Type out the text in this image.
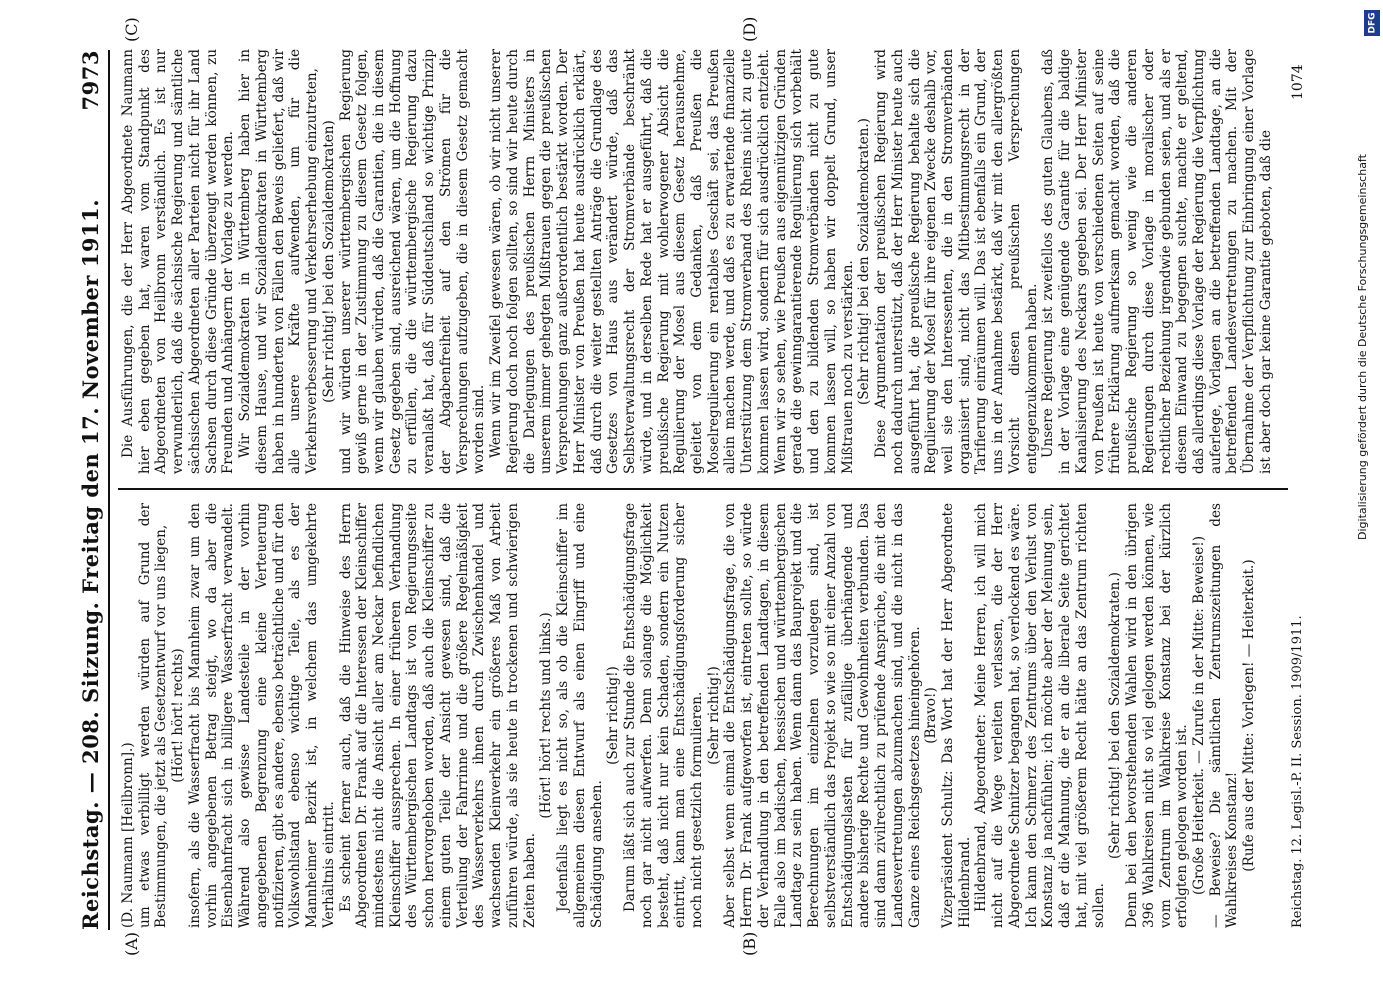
Reichstag. — 208. Sitzung. Freitag den 17. November 1911.
7973
(A)	(B)
(C)	(D)

(D. Naumann [Heilbronn].) um etwas verbilligt werden würden auf Grund der Bestimmungen, die jetzt als Gesetzentwurf vor uns liegen, (Hört! hört! rechts) insofern, als die Wasserfracht bis Mannheim zwar um den vorhin angegebenen Betrag steigt, wo da aber die Eisenbahnfracht sich in billigere Wasserfracht verwandelt. Während also gewisse Landesteile in der vorhin angegebenen Begrenzung eine kleine Verteuerung notifizieren, gibt es andere, ebenso beträchtliche und für den Volkswohlstand ebenso wichtige Teile, als es der Mannheimer Bezirk ist, in welchem das umgekehrte Verhältnis eintritt. Es scheint ferner auch, daß die Hinweise des Herrn Abgeordneten Dr. Frank auf die Interessen der Kleinschiffer mindestens nicht die Ansicht aller am Neckar befindlichen Kleinschiffer aussprechen. In einer früheren Verhandlung des Württembergischen Landtags ist von Regierungsseite schon hervorgehoben worden, daß auch die Kleinschiffer zu einem guten Teile der Ansicht gewesen sind, daß die Verteilung der Fahrrinne und die größere Regelmäßigkeit des Wasserverkehrs ihnen durch Zwischenhandel und wachsenden Kleinverkehr ein größeres Maß von Arbeit zuführen würde, als sie heute in trockenen und schwierigen Zeiten haben.

(Hört! hört! rechts und links.) Jedenfalls liegt es nicht so, als ob die Kleinschiffer im allgemeinen diesen Entwurf als einen Eingriff und eine Schädigung ansehen.

(Sehr richtig!) Darum läßt sich auch zur Stunde die Entschädigungsfrage noch gar nicht aufwerfen. Denn solange die Möglichkeit besteht, daß nicht nur kein Schaden, sondern ein Nutzen eintritt, kann man eine Entschädigungsforderung sicher noch nicht gesetzlich formulieren. (Sehr richtig!) Aber selbst wenn einmal die Entschädigungsfrage, die von Herrn Dr. Frank aufgeworfen ist, eintreten sollte, so würde der Verhandlung in den betreffenden Landtagen, in diesem Falle also im badischen, hessischen und württembergischen Landtage zu sein haben. Wenn dann das Bauprojekt und die Berechnungen im einzelnen vorzulegen sind, ist selbstverständlich das Projekt so wie so mit einer Anzahl von Entschädigungslasten für zufällige überhängende und andere bisherige Rechte und Gewohnheiten verbunden. Das sind dann zivilrechtlich zu prüfende Ansprüche, die mit den Landesvertretungen abzumachen sind, und die nicht in das Ganze eines Reichsgesetzes hineingehören. (Bravo!) Vizepräsident Schultz: Das Wort hat der Herr Abgeordnete Hildenbrand. Hildenbrand, Abgeordneter: Meine Herren, ich will mich nicht auf die Wege verleiten verlassen, die der Herr Abgeordnete Schnitzer begangen hat, so verlockend es wäre. Ich kann den Schmerz des Zentrums über den Verlust von Konstanz ja nachfühlen; ich möchte aber der Meinung sein, daß er die Mahnung, die er an die liberale Seite gerichtet hat, mit viel größerem Recht hätte an das Zentrum richten sollen.

(Sehr richtig! bei den Sozialdemokraten.) Denn bei den bevorstehenden Wahlen wird in den übrigen 396 Wahlkreisen nicht so viel gelogen werden können, wie vom Zentrum im Wahlkreise Konstanz bei der kürzlich erfolgten gelogen worden ist. (Große Heiterkeit. — Zurufe in der Mitte: Beweise!) — Beweise? Die sämtlichen Zentrumszeitungen des Wahlkreises Konstanz! (Rufe aus der Mitte: Vorlegen! — Heiterkeit.)

Die Ausführungen, die der Herr Abgeordnete Naumann hier eben gegeben hat, waren vom Standpunkt des Abgeordneten von Heilbronn verständlich. Es ist nur verwunderlich, daß die sächsische Regierung und sämtliche sächsischen Abgeordneten aller Parteien nicht für ihr Land Sachsen durch diese Gründe überzeugt werden können, zu Freunden und Anhängern der Vorlage zu werden. Wir Sozialdemokraten in Württemberg haben hier in diesem Hause, und wir Sozialdemokraten in Württemberg haben in hunderten von Fällen den Beweis geliefert, daß wir alle unsere Kräfte aufwenden, um für die Verkehrsverbesserung und Verkehrserhebung einzutreten, (Sehr richtig! bei den Sozialdemokraten) und wir würden unserer württembergischen Regierung gewiß gerne in der Zustimmung zu diesem Gesetz folgen, wenn wir glauben würden, daß die Garantien, die in diesem Gesetz gegeben sind, ausreichend wären, um die Hoffnung zu erfüllen, die die württembergische Regierung dazu veranlaßt hat, daß für Süddeutschland so wichtige Prinzip der Abgabenfreiheit auf den Strömen für die Versprechungen aufzugeben, die in diesem Gesetz gemacht worden sind. Wenn wir im Zweifel gewesen wären, ob wir nicht unserer Regierung doch noch folgen sollten, so sind wir heute durch die Darlegungen des preußischen Herrn Ministers in unserem immer gehegten Mißtrauen gegen die preußischen Versprechungen ganz außerordentlich bestärkt worden. Der Herr Minister von Preußen hat heute ausdrücklich erklärt, daß durch die weiter gestellten Anträge die Grundlage des Gesetzes von Haus aus verändert würde, daß das Selbstverwaltungsrecht der Stromverbände beschränkt würde, und in derselben Rede hat er ausgeführt, daß die preußische Regierung mit wohlerwogener Absicht die Regulierung der Mosel aus diesem Gesetz herausnehme, geleitet von dem Gedanken, daß Preußen die Moselregulierung ein rentables Geschäft sei, das Preußen allein machen werde, und daß es zu erwartende finanzielle Unterstützung dem Stromverband des Rheins nicht zu gute kommen lassen wird, sondern für sich ausdrücklich entzieht. Wenn wir so sehen, wie Preußen aus eigennützigen Gründen gerade die gewinngarantierende Regulierung sich vorbehält und den zu bildenden Stromverbänden nicht zu gute kommen lassen will, so haben wir doppelt Grund, unser Mißtrauen noch zu verstärken. (Sehr richtig! bei den Sozialdemokraten.) Diese Argumentation der preußischen Regierung wird noch dadurch unterstützt, daß der Herr Minister heute auch ausgeführt hat, die preußische Regierung behalte sich die Regulierung der Mosel für ihre eigenen Zwecke deshalb vor, weil sie den Interessenten, die in den Stromverbänden organisiert sind, nicht das Mitbestimmungsrecht in der Tarifierung einräumen will. Das ist ebenfalls ein Grund, der uns in der Annahme bestärkt, daß wir mit den allergrößten Vorsicht diesen preußischen Versprechungen entgegenzukommen haben. Unsere Regierung ist zweifellos des guten Glaubens, daß in der Vorlage eine genügende Garantie für die baldige Kanalisierung des Neckars gegeben sei. Der Herr Minister von Preußen ist heute von verschiedenen Seiten auf seine frühere Erklärung aufmerksam gemacht worden, daß die preußische Regierung so wenig wie die anderen Regierungen durch diese Vorlage in moralischer oder rechtlicher Beziehung irgendwie gebunden seien, und als er diesem Einwand zu begegnen suchte, machte er geltend, daß allerdings diese Vorlage der Regierung die Verpflichtung auferlege, Vorlagen an die betreffenden Landtage, an die betreffenden Landesvertretungen zu machen. Mit der Übernahme der Verpflichtung zur Einbringung einer Vorlage ist aber doch gar keine Garantie geboten, daß die

Reichstag. 12. Legisl.-P. II. Session. 1909/1911.
1074
DFG
Digitalisierung gefördert durch die Deutsche Forschungsgemeinschaft
